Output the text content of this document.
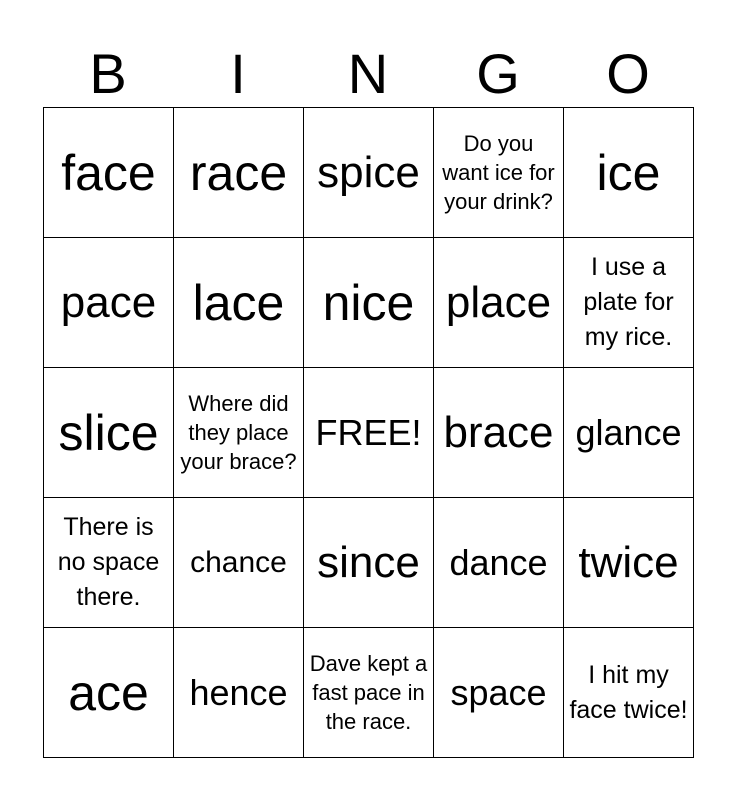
B	I	N	G	O
face	race	spice	Do you want ice for your drink?	ice
pace	lace	nice	place	I use a plate for my rice.
slice	Where did they place your brace?	FREE!	brace	glance
There is no space there.	chance	since	dance	twice
ace	hence	Dave kept a fast pace in the race.	space	I hit my face twice!
